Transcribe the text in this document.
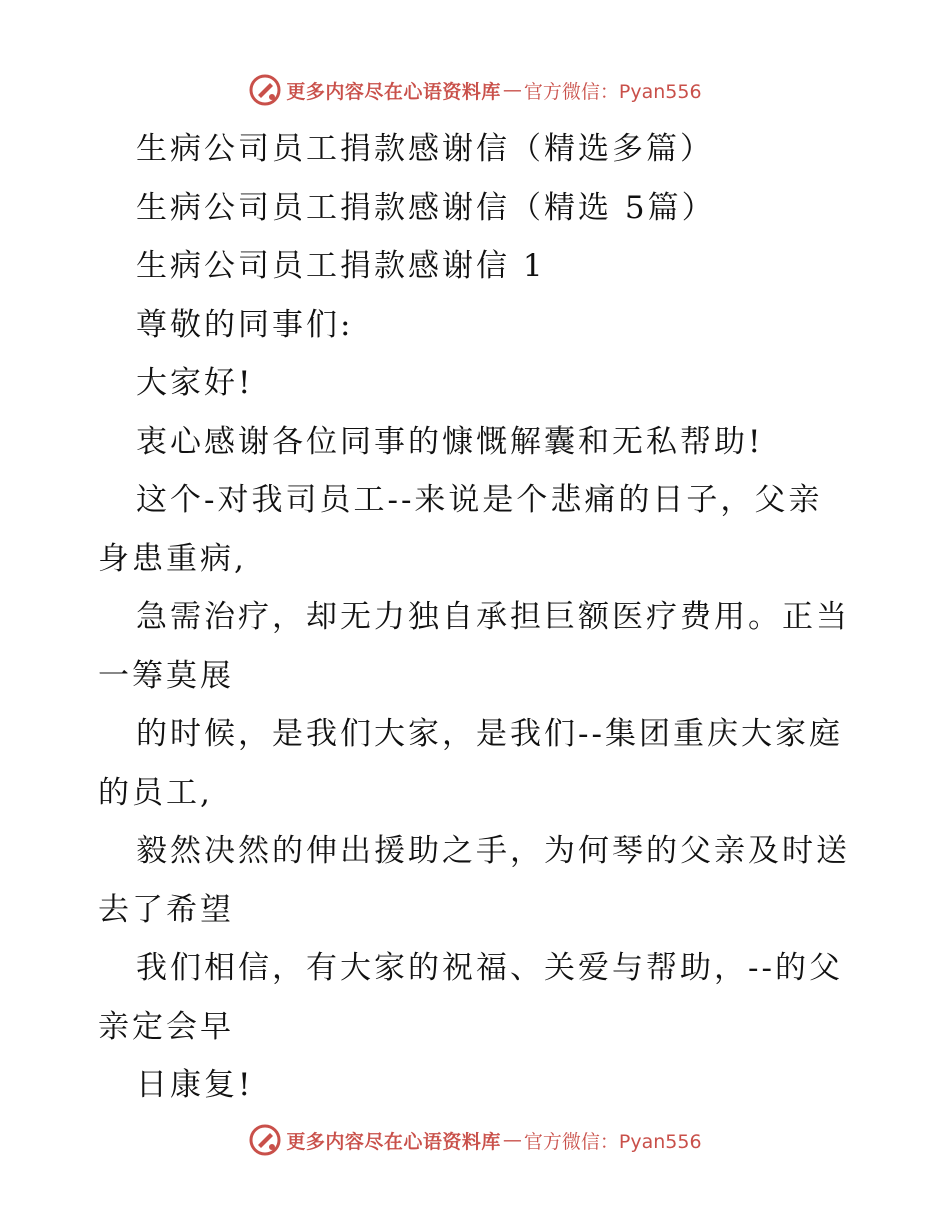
更多内容尽在心语资料库 — 官方微信：Pyan556
生病公司员工捐款感谢信（精选多篇）
生病公司员工捐款感谢信（精选 5篇）
生病公司员工捐款感谢信 1
尊敬的同事们:
大家好!
衷心感谢各位同事的慷慨解囊和无私帮助!
这个-对我司员工--来说是个悲痛的日子，父亲
身患重病,
急需治疗，却无力独自承担巨额医疗费用。正当
一筹莫展
的时候，是我们大家，是我们--集团重庆大家庭
的员工,
毅然决然的伸出援助之手，为何琴的父亲及时送
去了希望
我们相信，有大家的祝福、关爱与帮助，--的父
亲定会早
日康复!
更多内容尽在心语资料库 — 官方微信：Pyan556
